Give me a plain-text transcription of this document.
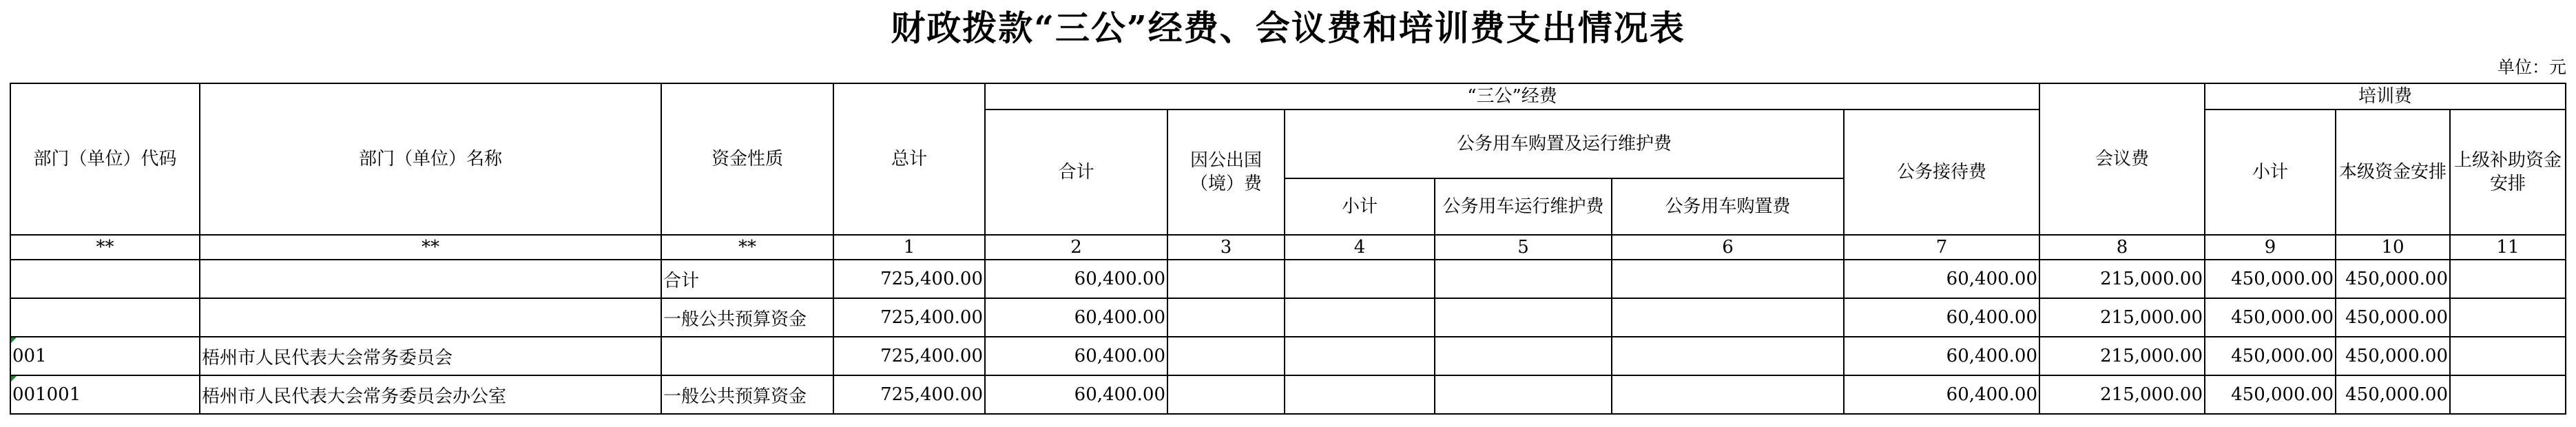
财政拨款“三公”经费、会议费和培训费支出情况表
单位：元
部门（单位）代码	部门（单位）名称	资金性质	总计	“三公”经费						会议费	培训费		
				合计	因公出国（境）费	公务用车购置及运行维护费			公务接待费		小计	本级资金安排	上级补助资金安排
						小计	公务用车运行维护费	公务用车购置费					
**	**	**	1	2	3	4	5	6	7	8	9	10	11
		合计	725,400.00	60,400.00					60,400.00	215,000.00	450,000.00	450,000.00	
		一般公共预算资金	725,400.00	60,400.00					60,400.00	215,000.00	450,000.00	450,000.00	
001	梧州市人民代表大会常务委员会		725,400.00	60,400.00					60,400.00	215,000.00	450,000.00	450,000.00	
001001	梧州市人民代表大会常务委员会办公室	一般公共预算资金	725,400.00	60,400.00					60,400.00	215,000.00	450,000.00	450,000.00	
